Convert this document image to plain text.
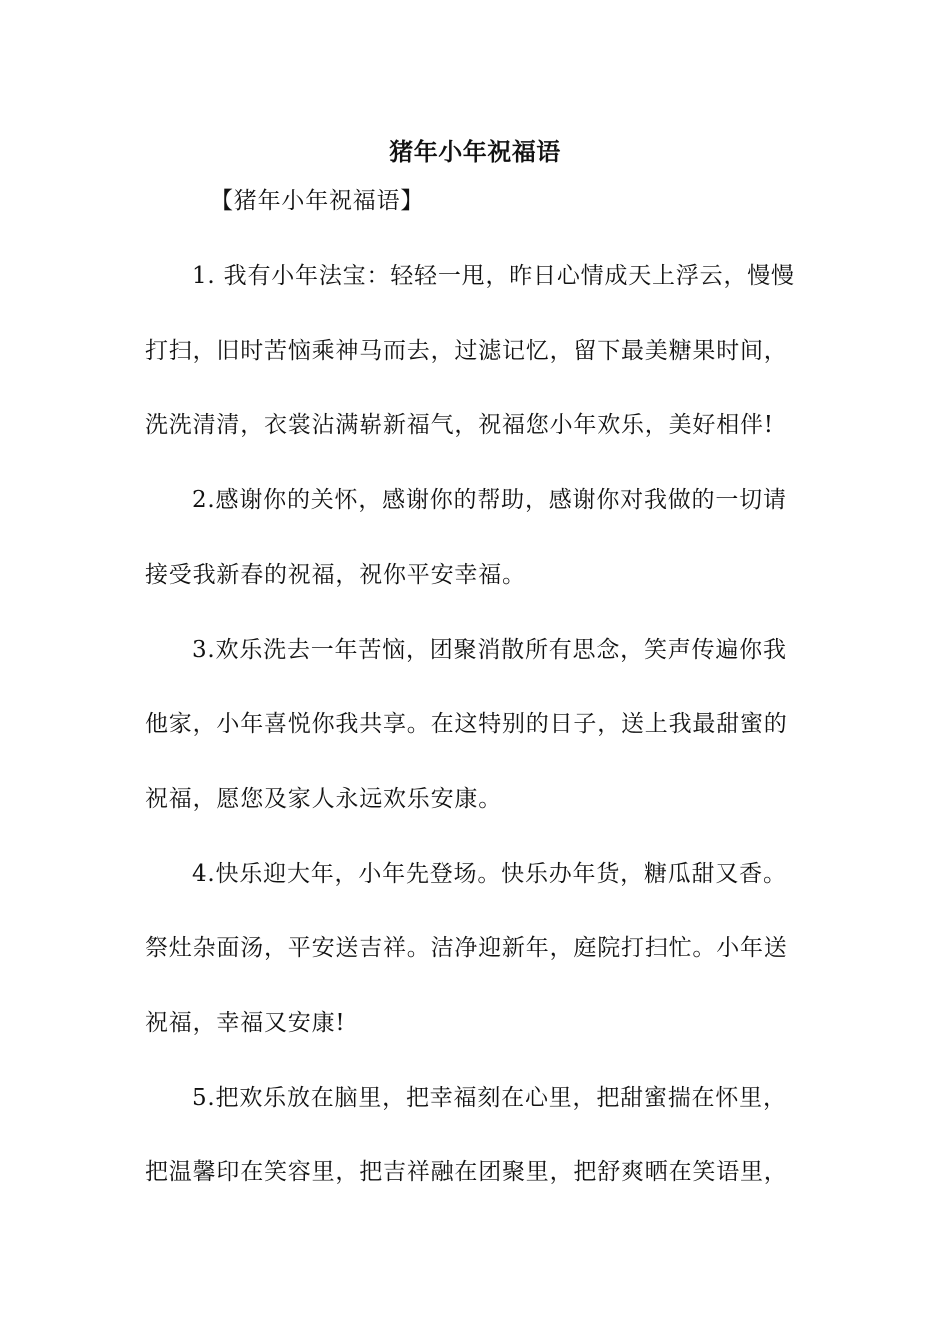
猪年小年祝福语
【猪年小年祝福语】
1. 我有小年法宝：轻轻一甩，昨日心情成天上浮云，慢慢
打扫，旧时苦恼乘神马而去，过滤记忆，留下最美糖果时间，
洗洗清清，衣裳沾满崭新福气，祝福您小年欢乐，美好相伴!
2.感谢你的关怀，感谢你的帮助，感谢你对我做的一切请
接受我新春的祝福，祝你平安幸福。
3.欢乐洗去一年苦恼，团聚消散所有思念，笑声传遍你我
他家，小年喜悦你我共享。在这特别的日子，送上我最甜蜜的
祝福，愿您及家人永远欢乐安康。
4.快乐迎大年，小年先登场。快乐办年货，糖瓜甜又香。
祭灶杂面汤，平安送吉祥。洁净迎新年，庭院打扫忙。小年送
祝福，幸福又安康!
5.把欢乐放在脑里，把幸福刻在心里，把甜蜜揣在怀里，
把温馨印在笑容里，把吉祥融在团聚里，把舒爽晒在笑语里，
